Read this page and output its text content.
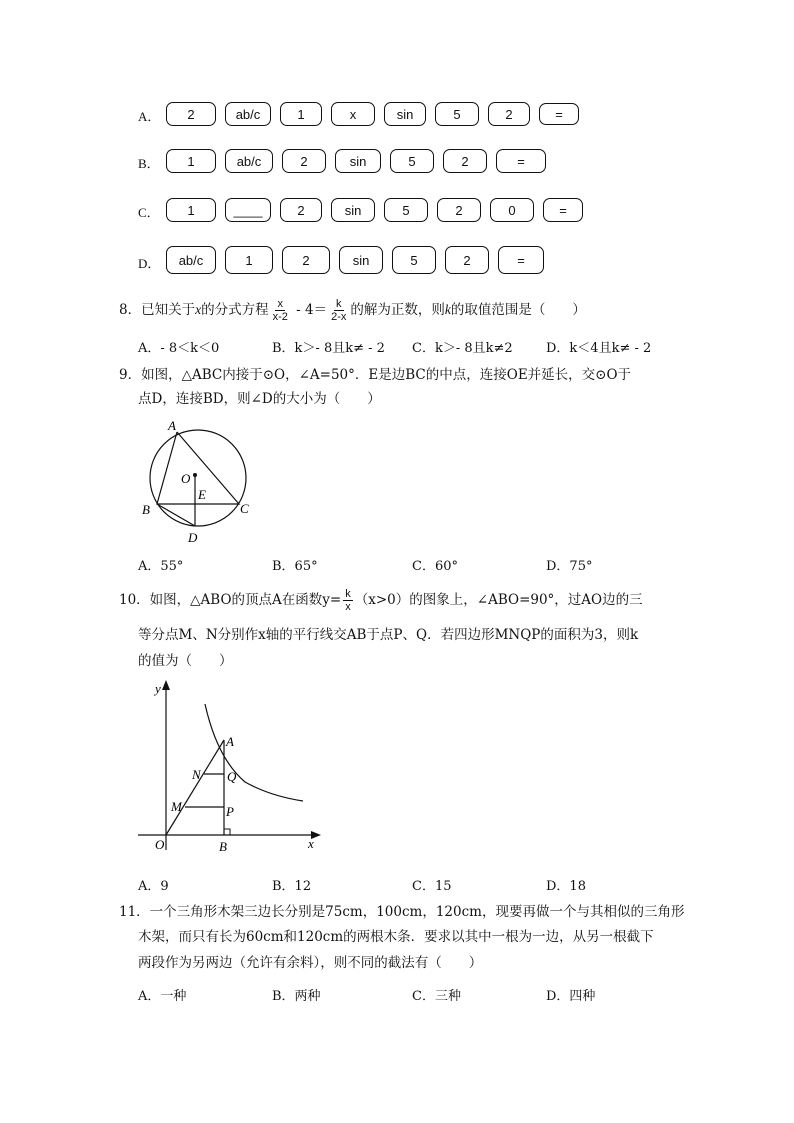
A．	2	ab/c	1	x	sin	5	2	=
B．	1	ab/c	2	sin	5	2	=
C．	1	____	2	sin	5	2	0	=
D．	ab/c	1	2	sin	5	2	=
8．已知关于x的分式方程 $\frac{x}{x-2} - 4= \frac{k}{2-x}$ 的解为正数，则k的取值范围是（　　）
A．- 8＜k＜0	B．k＞- 8且k≠ - 2 C．k＞- 8且k≠2	D．k＜4且k≠ - 2
9．如图，△ABC内接于⊙O，∠A=50°．E是边BC的中点，连接OE并延长，交⊙O于
点D，连接BD，则∠D的大小为（　　）
A
O
E
B	C
D
A．55°	B．65°	C．60°	D．75°
10．如图，△ABO的顶点A在函数$y= \frac{k}{x} (x>0)$的图象上，∠ABO=90°，过AO边的三
等分点M、N分别作x轴的平行线交AB于点P、Q．若四边形MNQP的面积为3，则k
的值为（　　）
y
x
A
N Q
M	P
O	B
A．9	B．12	C．15	D．18
11．一个三角形木架三边长分别是75cm，100cm，120cm，现要再做一个与其相似的三角形
木架，而只有长为60cm和120cm的两根木条．要求以其中一根为一边，从另一根截下
两段作为另两边（允许有余料），则不同的截法有（　　）
A．一种	B．两种	C．三种	D．四种
